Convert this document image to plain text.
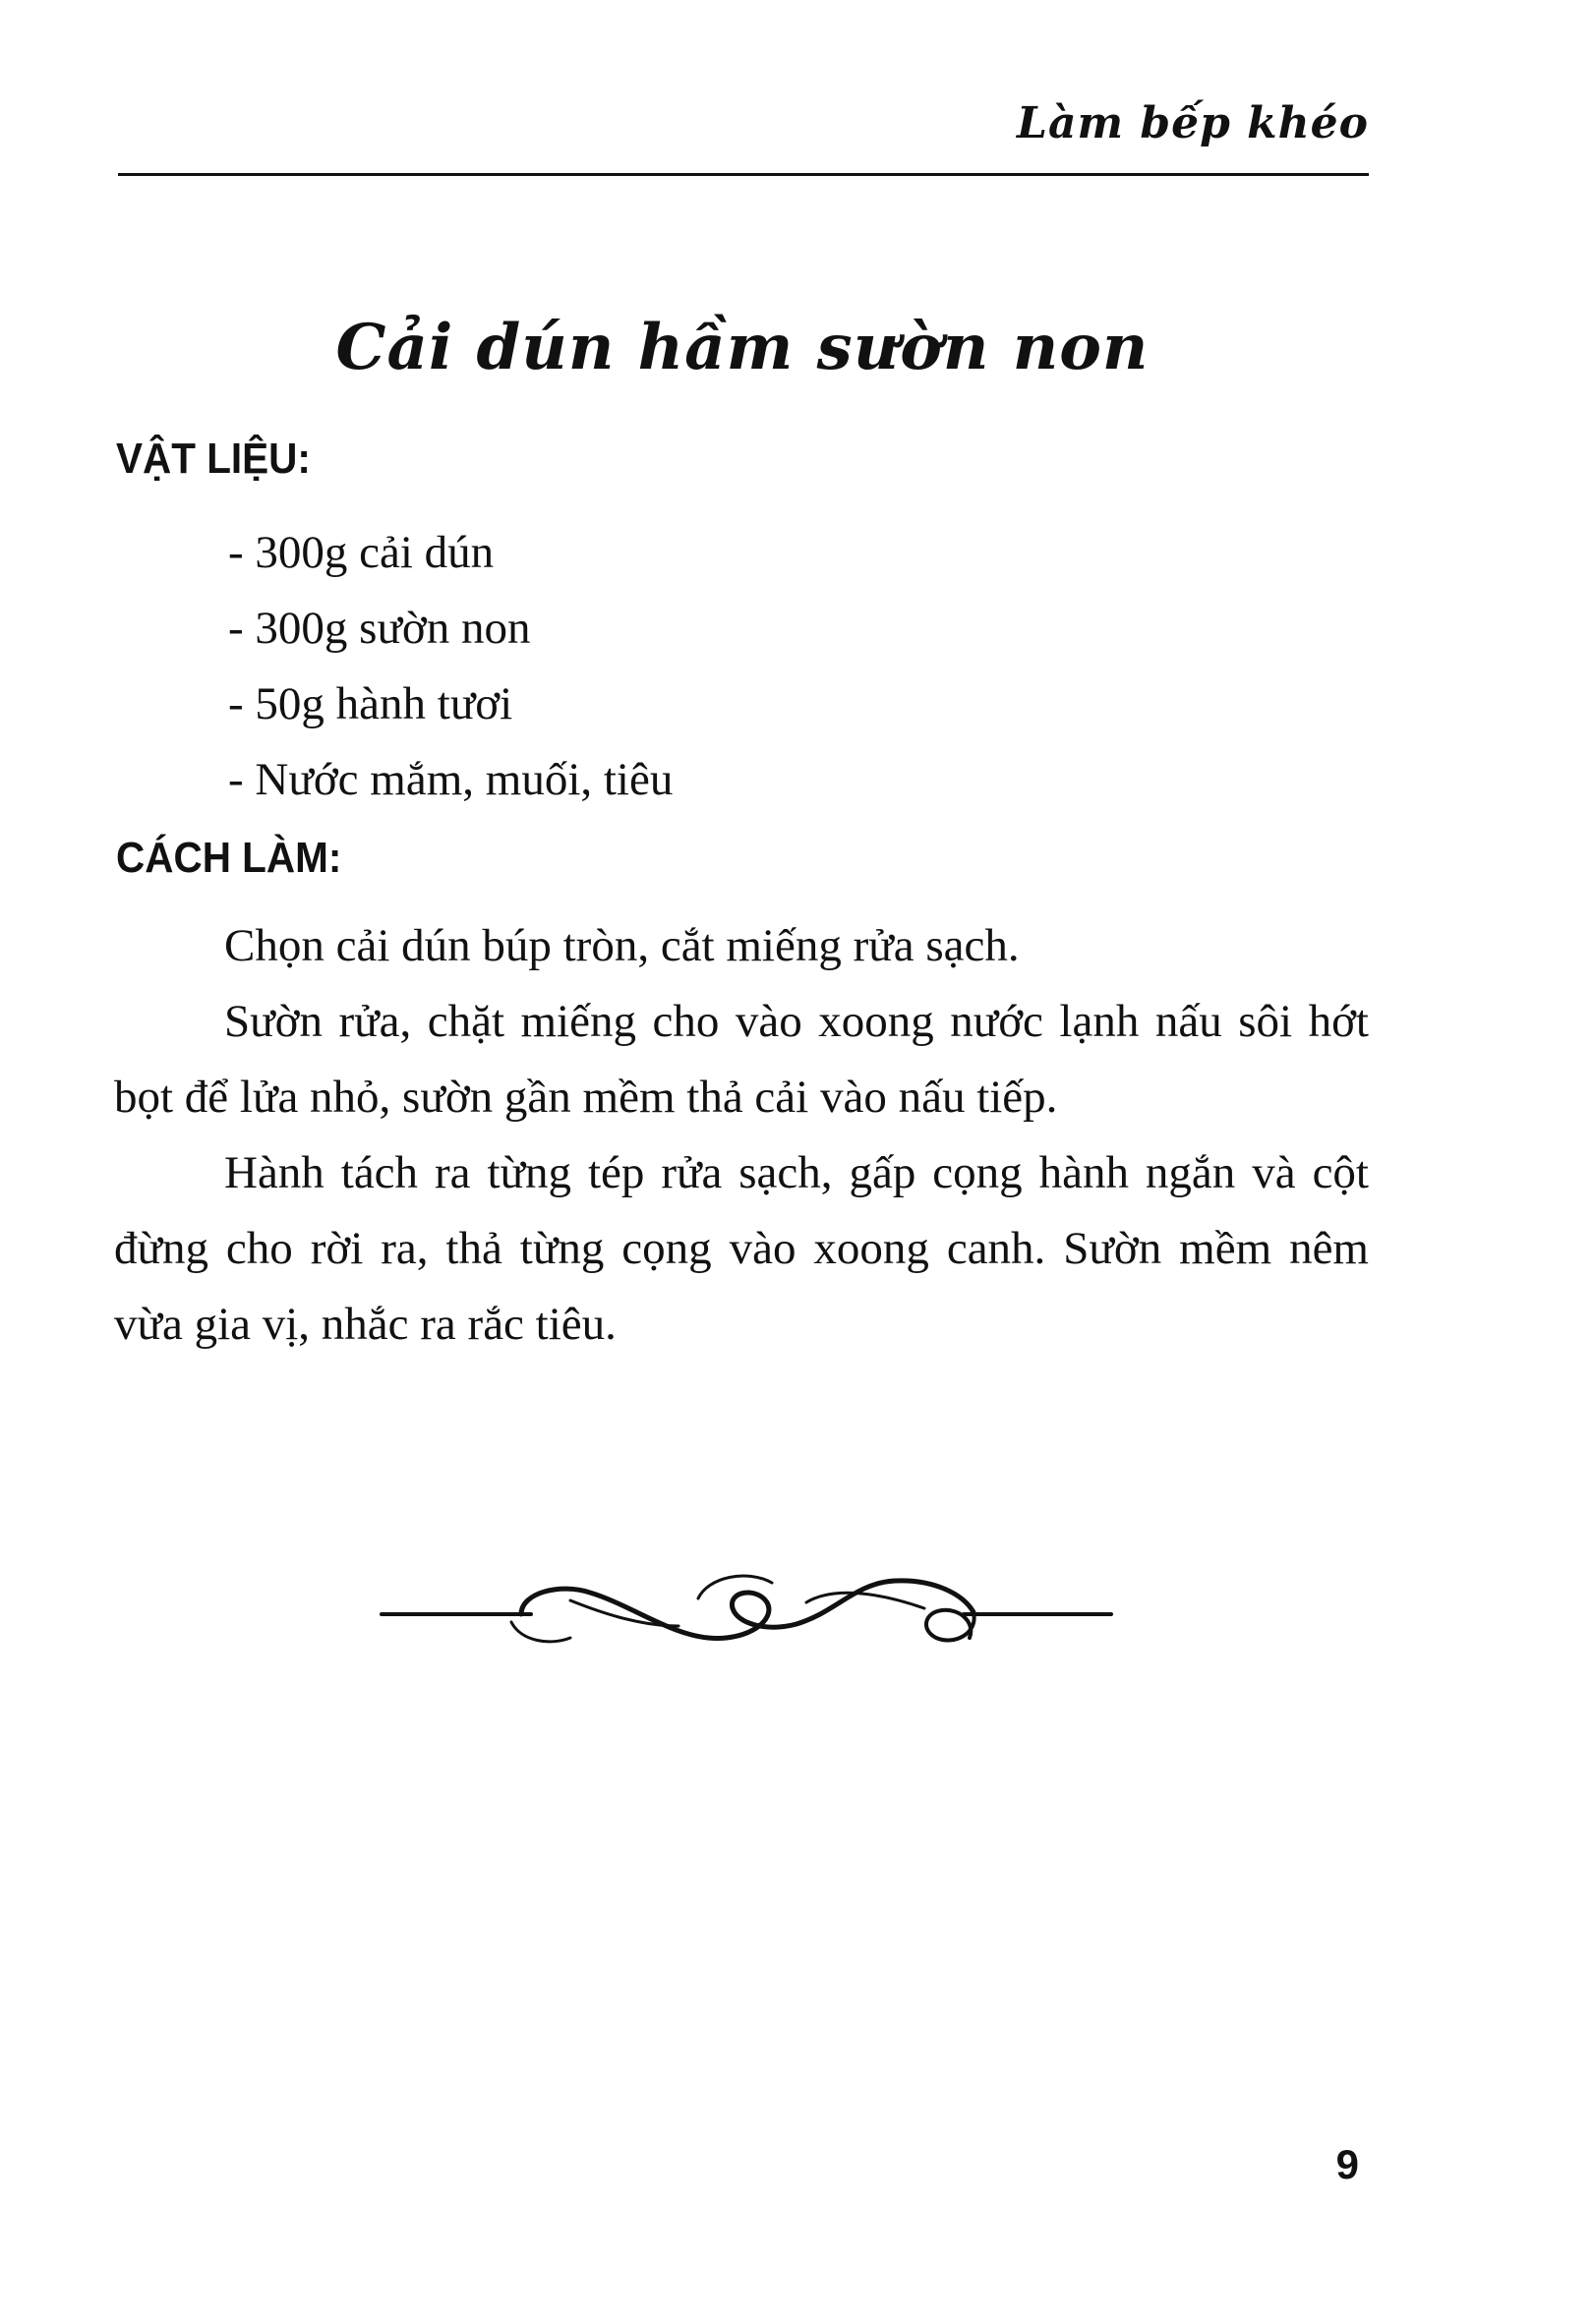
Làm bếp khéo
Cải dún hầm sườn non
VẬT LIỆU:
- 300g cải dún
- 300g sườn non
- 50g hành tươi
- Nước mắm, muối, tiêu
CÁCH LÀM:

Chọn cải dún búp tròn, cắt miếng rửa sạch.

Sườn rửa, chặt miếng cho vào xoong nước lạnh nấu sôi hớt bọt để lửa nhỏ, sườn gần mềm thả cải vào nấu tiếp.

Hành tách ra từng tép rửa sạch, gấp cọng hành ngắn và cột đừng cho rời ra, thả từng cọng vào xoong canh. Sườn mềm nêm vừa gia vị, nhắc ra rắc tiêu.

9
